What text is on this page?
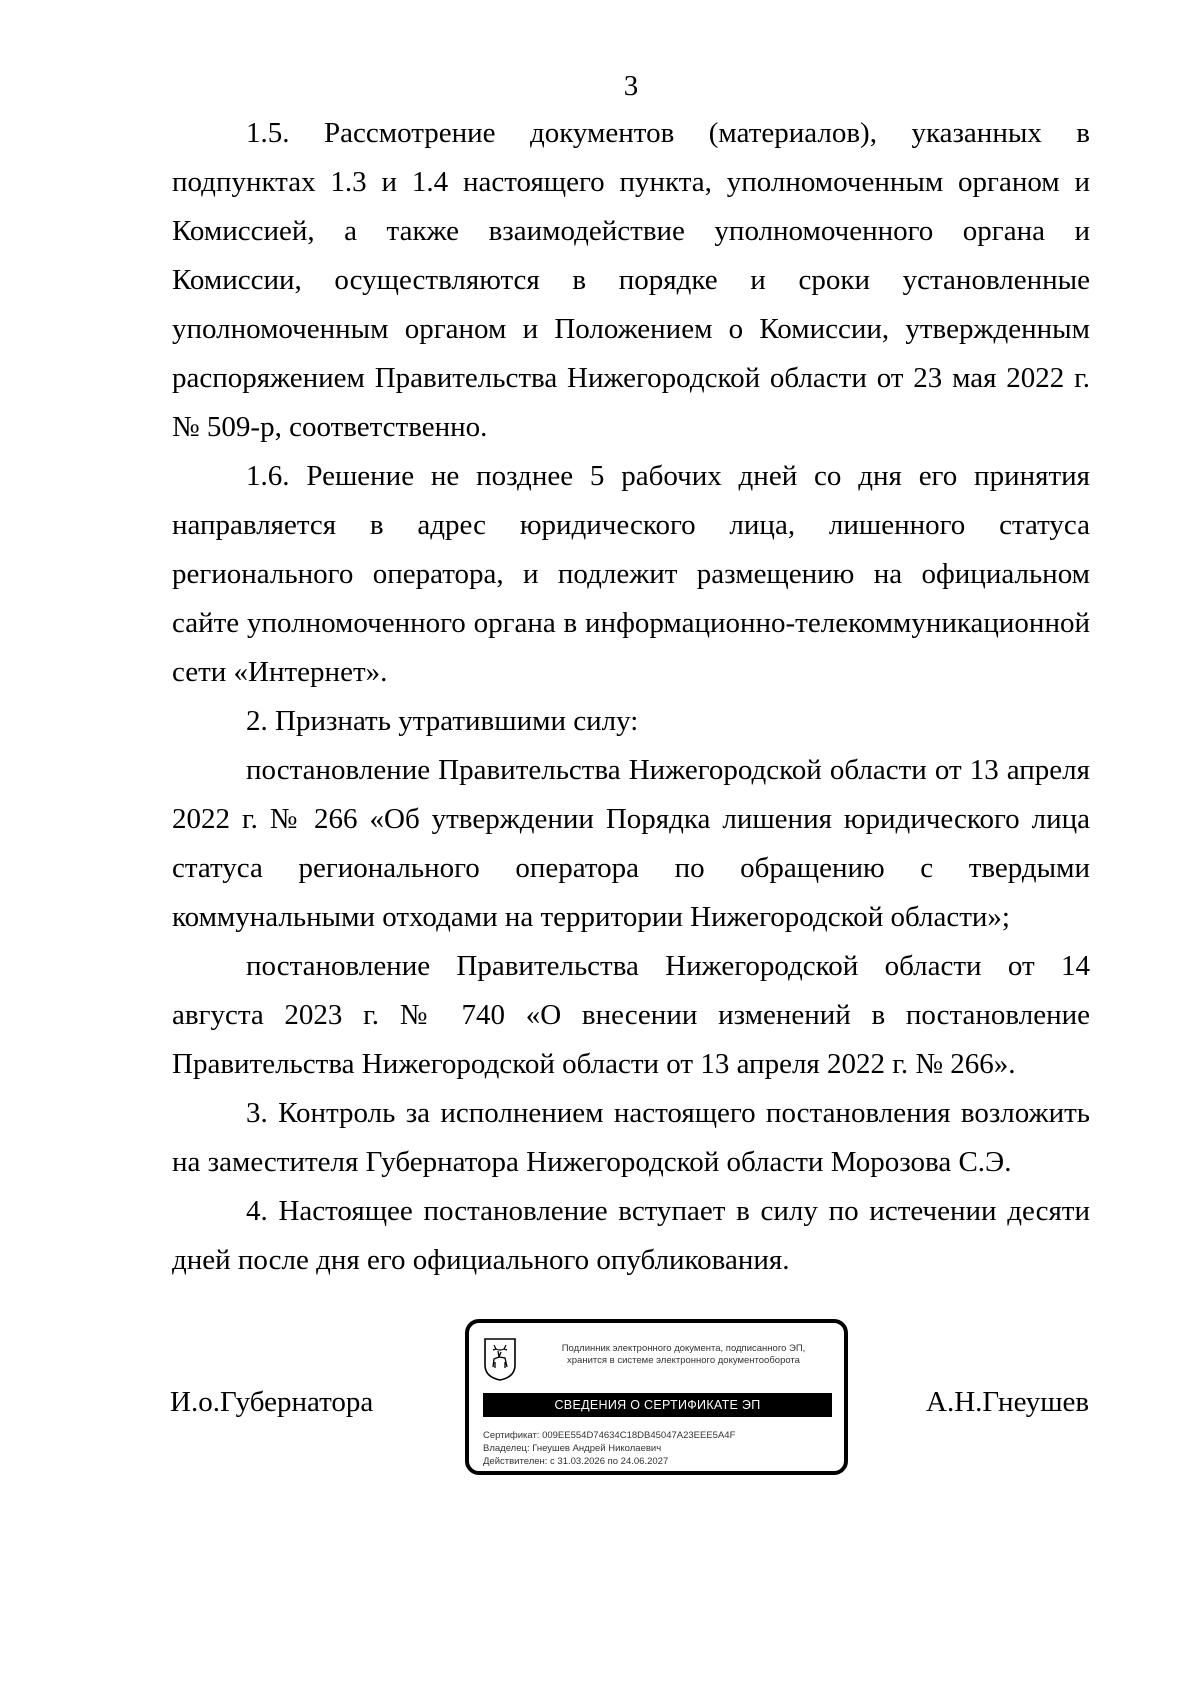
3

1.5. Рассмотрение документов (материалов), указанных в подпунктах 1.3 и 1.4 настоящего пункта, уполномоченным органом и Комиссией, а также взаимодействие уполномоченного органа и Комиссии, осуществляются в порядке и сроки установленные уполномоченным органом и Положением о Комиссии, утвержденным распоряжением Правительства Нижегородской области от 23 мая 2022 г. № 509-р, соответственно.

1.6. Решение не позднее 5 рабочих дней со дня его принятия направляется в адрес юридического лица, лишенного статуса регионального оператора, и подлежит размещению на официальном сайте уполномоченного органа в информационно-телекоммуникационной сети «Интернет».

2. Признать утратившими силу:

постановление Правительства Нижегородской области от 13 апреля 2022 г. № 266 «Об утверждении Порядка лишения юридического лица статуса регионального оператора по обращению с твердыми коммунальными отходами на территории Нижегородской области»;

постановление Правительства Нижегородской области от 14 августа 2023 г. № 740 «О внесении изменений в постановление Правительства Нижегородской области от 13 апреля 2022 г. № 266».

3. Контроль за исполнением настоящего постановления возложить на заместителя Губернатора Нижегородской области Морозова С.Э.

4. Настоящее постановление вступает в силу по истечении десяти дней после дня его официального опубликования.

И.о.Губернатора
Подлинник электронного документа, подписанного ЭП,
хранится в системе электронного документооборота
СВЕДЕНИЯ О СЕРТИФИКАТЕ ЭП
Сертификат: 009EE554D74634C18DB45047A23EEE5A4F
Владелец: Гнеушев Андрей Николаевич
Действителен: с 31.03.2026 по 24.06.2027
А.Н.Гнеушев
